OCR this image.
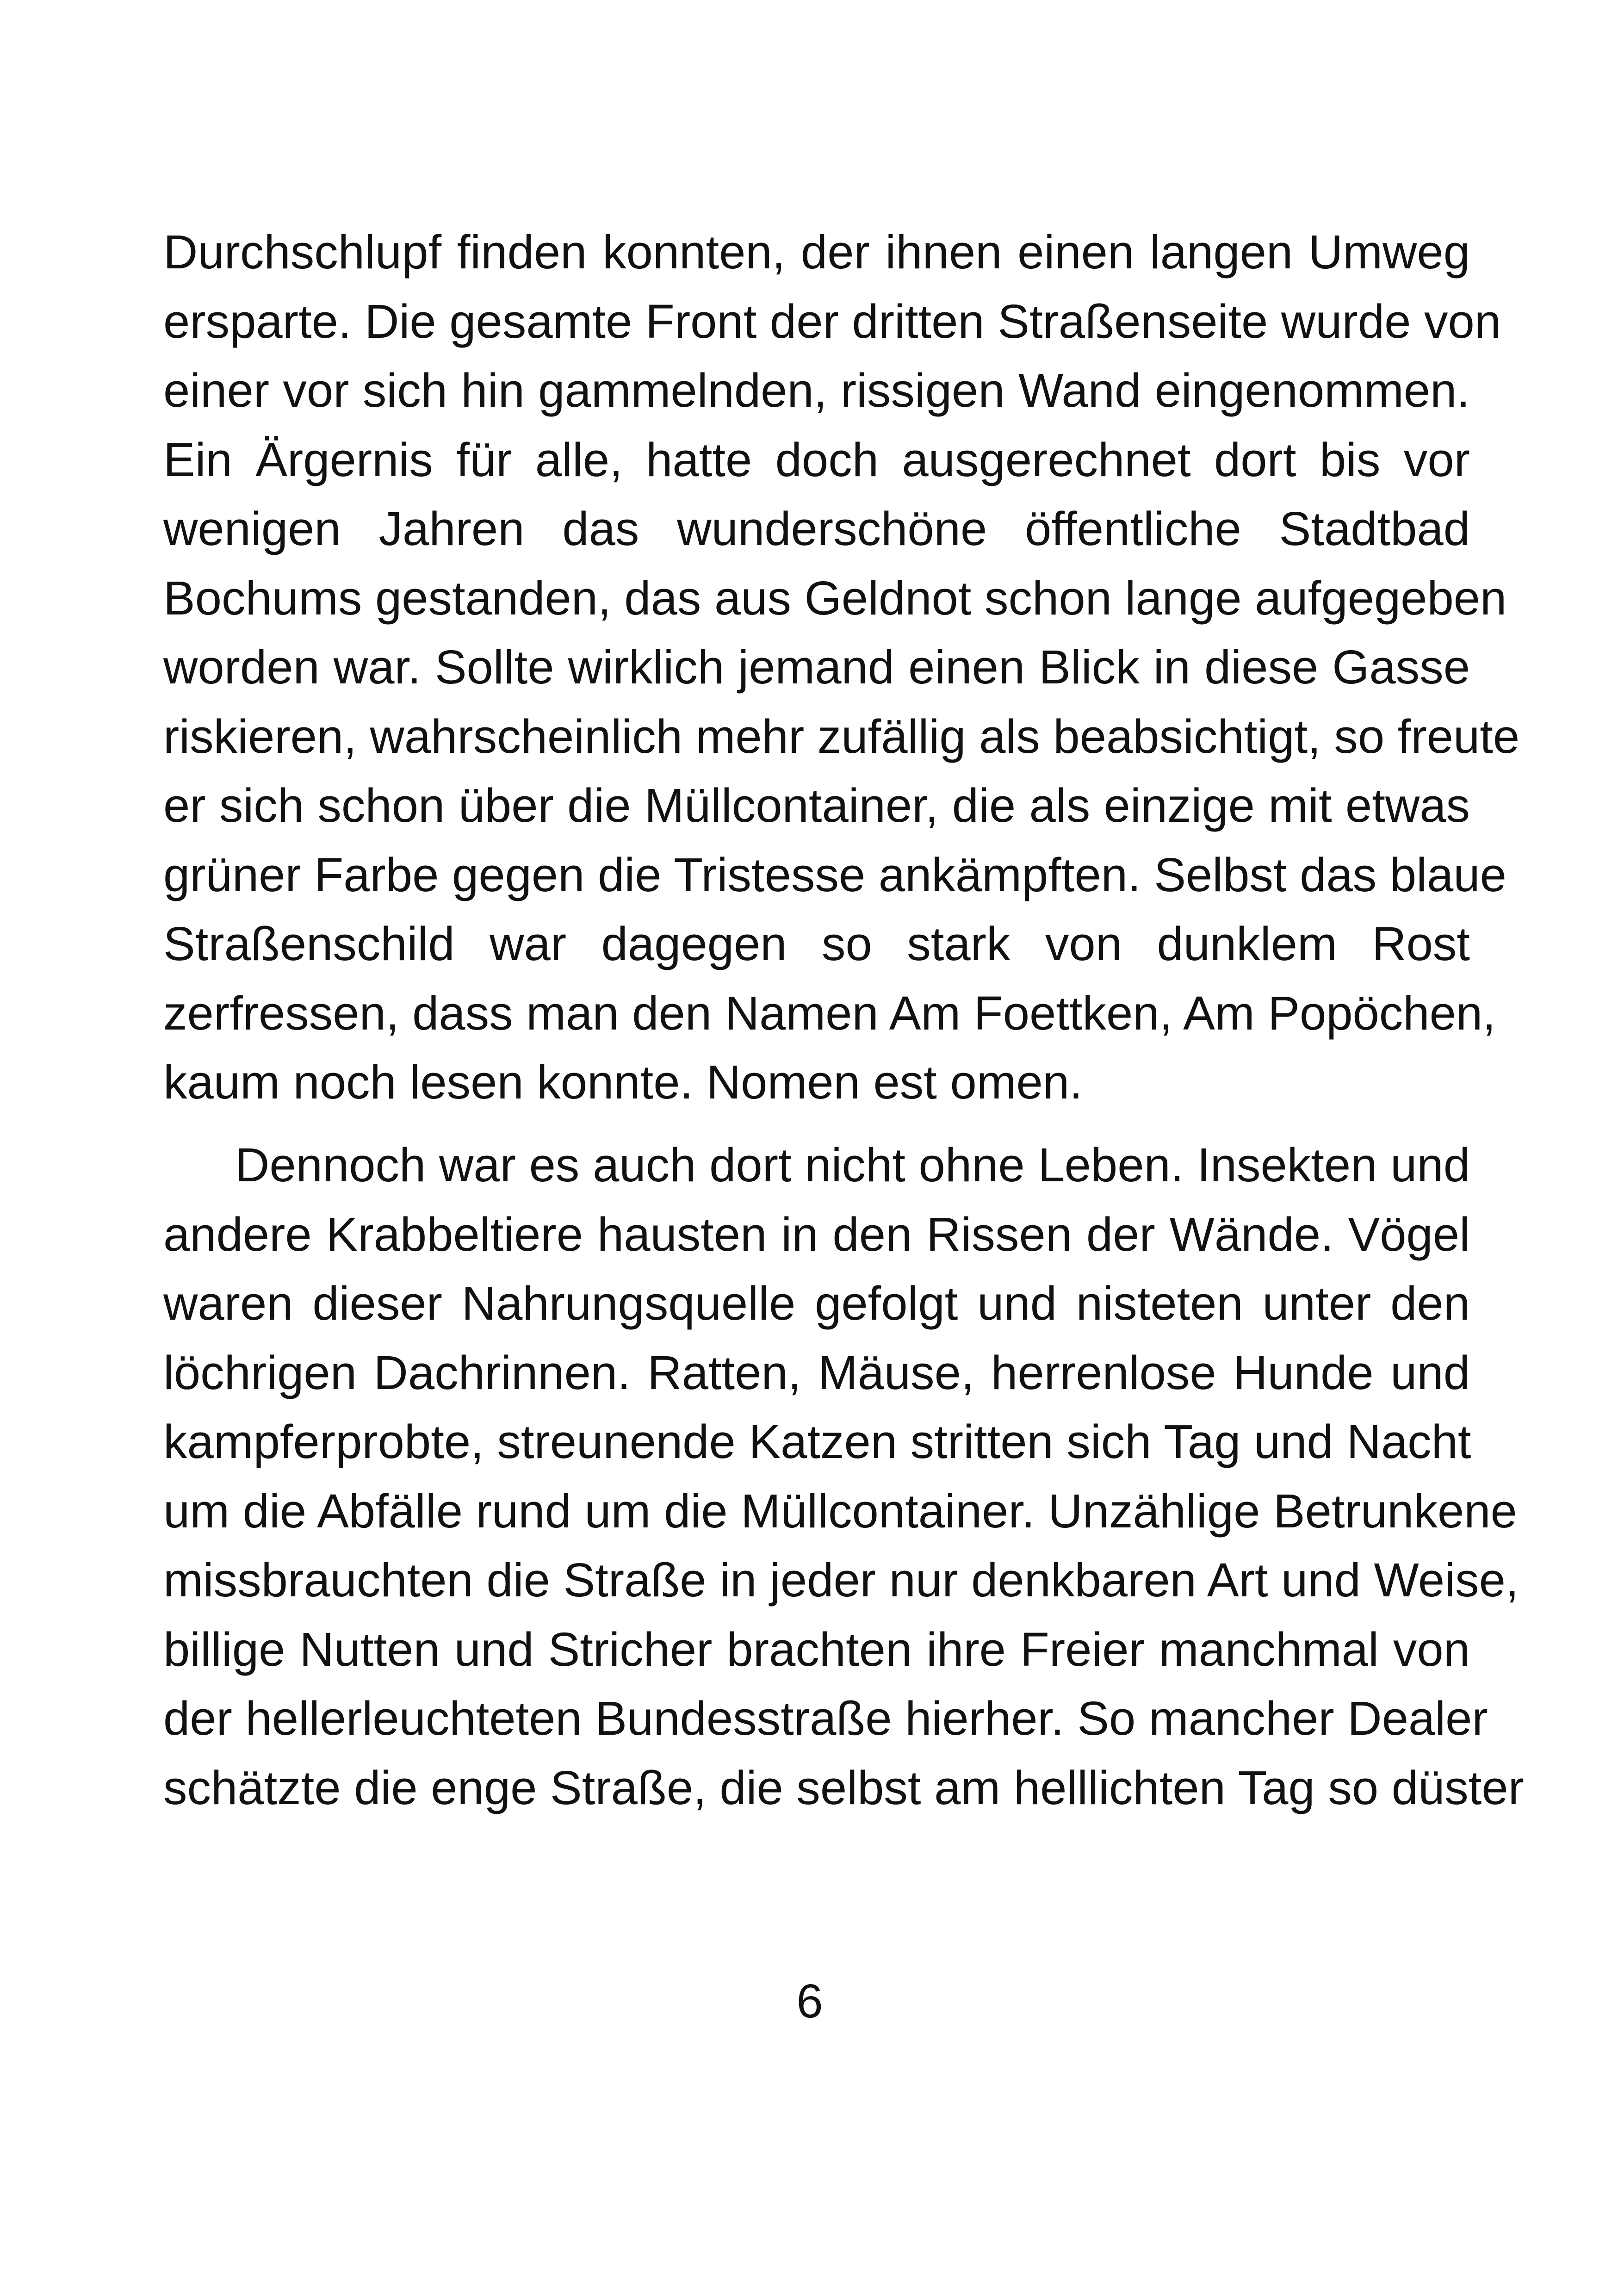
Durchschlupf finden konnten, der ihnen einen langen Umweg
ersparte. Die gesamte Front der dritten Straßenseite wurde von
einer vor sich hin gammelnden, rissigen Wand eingenommen.
Ein Ärgernis für alle, hatte doch ausgerechnet dort bis vor
wenigen Jahren das wunderschöne öffentliche Stadtbad
Bochums gestanden, das aus Geldnot schon lange aufgegeben
worden war. Sollte wirklich jemand einen Blick in diese Gasse
riskieren, wahrscheinlich mehr zufällig als beabsichtigt, so freute
er sich schon über die Müllcontainer, die als einzige mit etwas
grüner Farbe gegen die Tristesse ankämpften. Selbst das blaue
Straßenschild war dagegen so stark von dunklem Rost
zerfressen, dass man den Namen Am Foettken, Am Popöchen,
kaum noch lesen konnte. Nomen est omen.
Dennoch war es auch dort nicht ohne Leben. Insekten und
andere Krabbeltiere hausten in den Rissen der Wände. Vögel
waren dieser Nahrungsquelle gefolgt und nisteten unter den
löchrigen Dachrinnen. Ratten, Mäuse, herrenlose Hunde und
kampferprobte, streunende Katzen stritten sich Tag und Nacht
um die Abfälle rund um die Müllcontainer. Unzählige Betrunkene
missbrauchten die Straße in jeder nur denkbaren Art und Weise,
billige Nutten und Stricher brachten ihre Freier manchmal von
der hellerleuchteten Bundesstraße hierher. So mancher Dealer
schätzte die enge Straße, die selbst am helllichten Tag so düster
6
